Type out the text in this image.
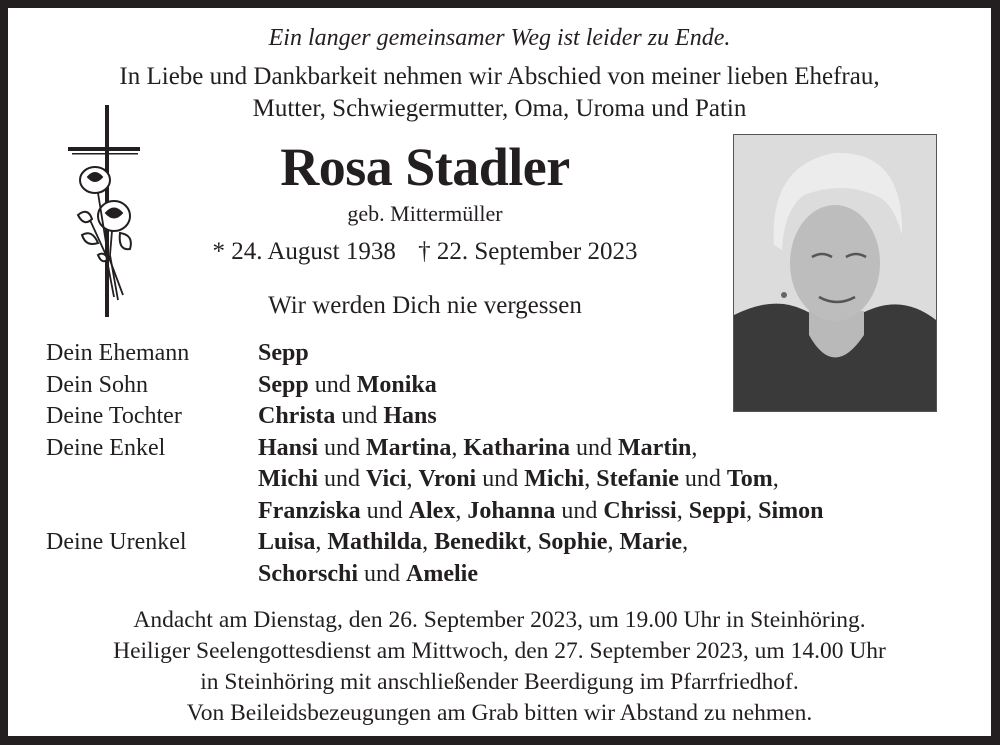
Ein langer gemeinsamer Weg ist leider zu Ende.
In Liebe und Dankbarkeit nehmen wir Abschied von meiner lieben Ehefrau,
Mutter, Schwiegermutter, Oma, Uroma und Patin
Rosa Stadler
geb. Mittermüller
* 24. August 1938 † 22. September 2023
Wir werden Dich nie vergessen
Dein Ehemann	Sepp
Dein Sohn	Sepp und Monika
Deine Tochter	Christa und Hans
Deine Enkel	Hansi und Martina, Katharina und Martin,
Michi und Vici, Vroni und Michi, Stefanie und Tom,
Franziska und Alex, Johanna und Chrissi, Seppi, Simon
Deine Urenkel	Luisa, Mathilda, Benedikt, Sophie, Marie,
Schorschi und Amelie
Andacht am Dienstag, den 26. September 2023, um 19.00 Uhr in Steinhöring.
Heiliger Seelengottesdienst am Mittwoch, den 27. September 2023, um 14.00 Uhr
in Steinhöring mit anschließender Beerdigung im Pfarrfriedhof.
Von Beileidsbezeugungen am Grab bitten wir Abstand zu nehmen.
